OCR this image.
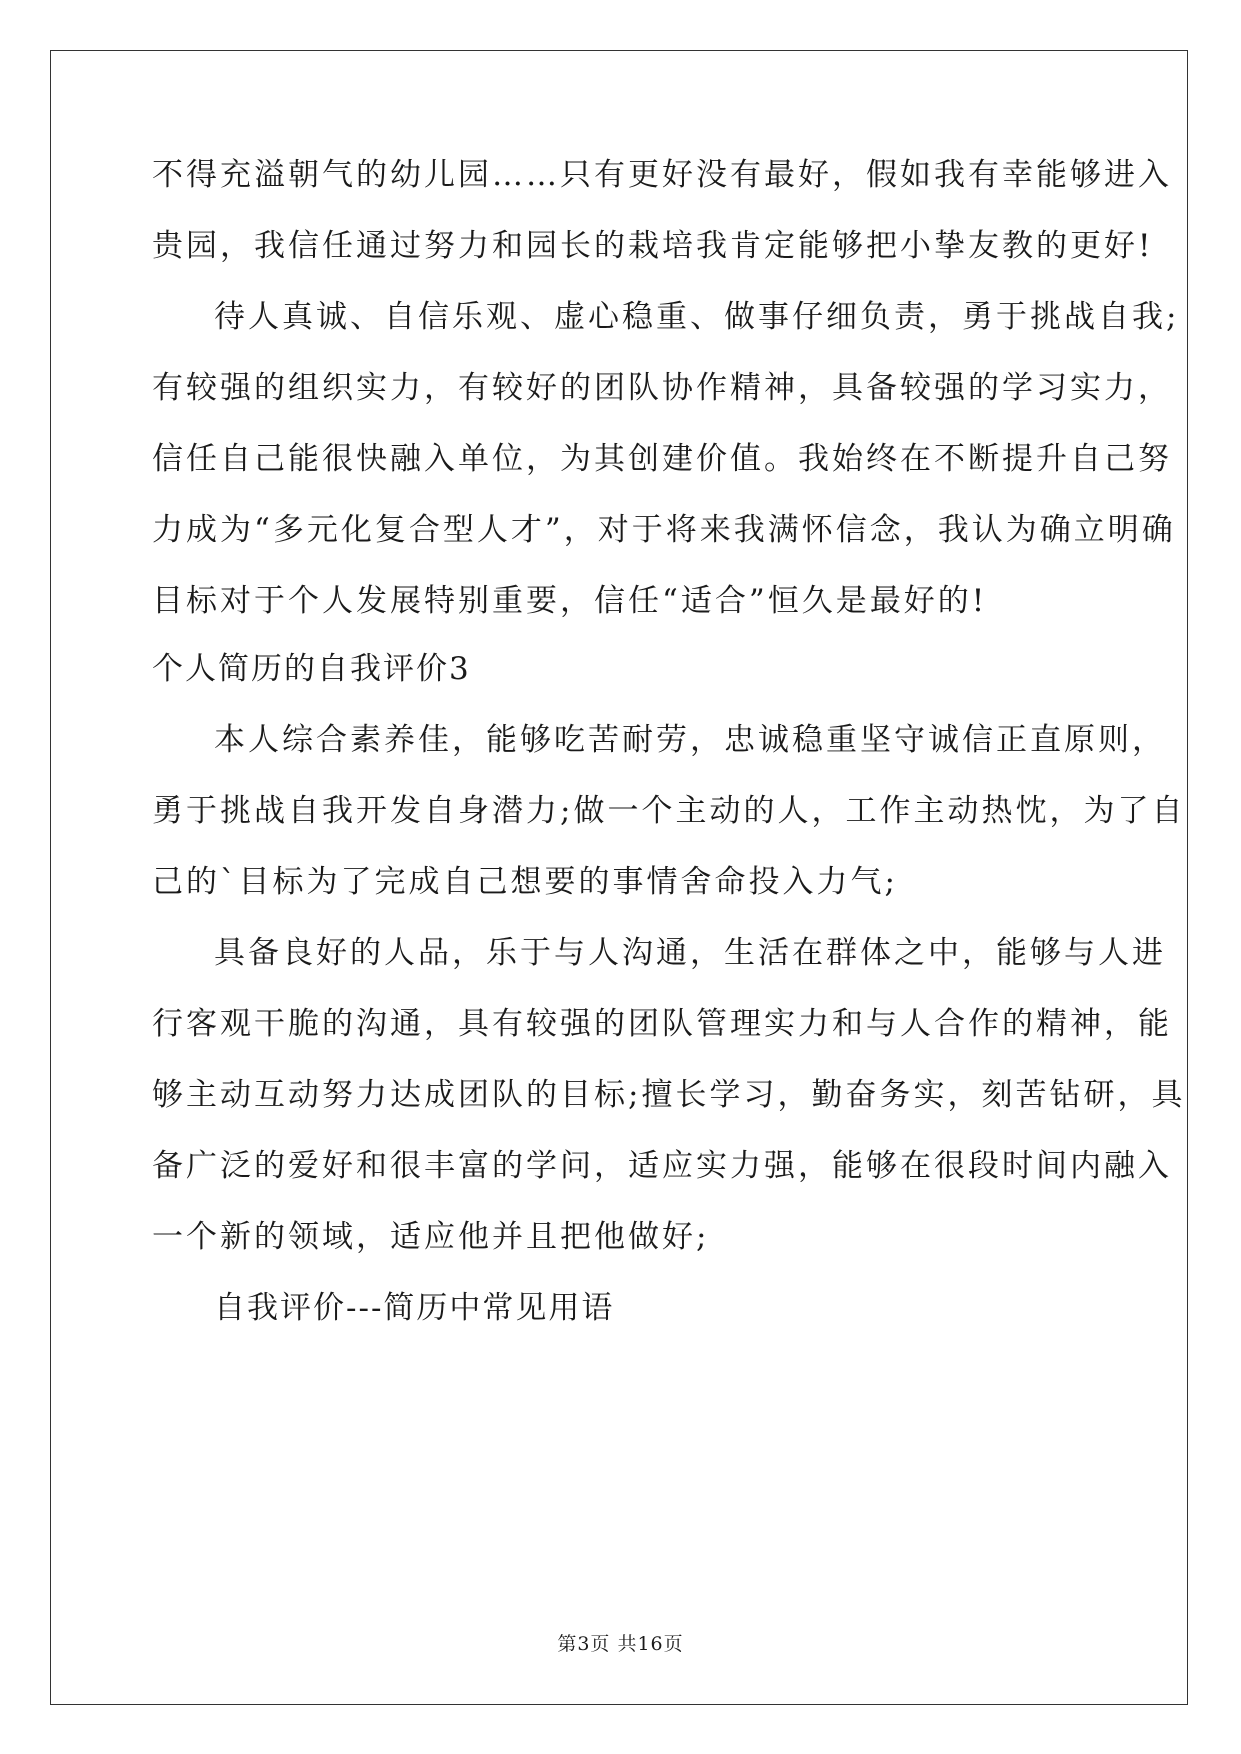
不得充溢朝气的幼儿园……只有更好没有最好，假如我有幸能够进入
贵园，我信任通过努力和园长的栽培我肯定能够把小挚友教的更好!
待人真诚、自信乐观、虚心稳重、做事仔细负责，勇于挑战自我;
有较强的组织实力，有较好的团队协作精神，具备较强的学习实力，
信任自己能很快融入单位，为其创建价值。我始终在不断提升自己努
力成为“多元化复合型人才”，对于将来我满怀信念，我认为确立明确
目标对于个人发展特别重要，信任“适合”恒久是最好的!
个人简历的自我评价3
本人综合素养佳，能够吃苦耐劳，忠诚稳重坚守诚信正直原则，
勇于挑战自我开发自身潜力;做一个主动的人，工作主动热忱，为了自
己的`目标为了完成自己想要的事情舍命投入力气;
具备良好的人品，乐于与人沟通，生活在群体之中，能够与人进
行客观干脆的沟通，具有较强的团队管理实力和与人合作的精神，能
够主动互动努力达成团队的目标;擅长学习，勤奋务实，刻苦钻研，具
备广泛的爱好和很丰富的学问，适应实力强，能够在很段时间内融入
一个新的领域，适应他并且把他做好;
自我评价---简历中常见用语
第3页 共16页
